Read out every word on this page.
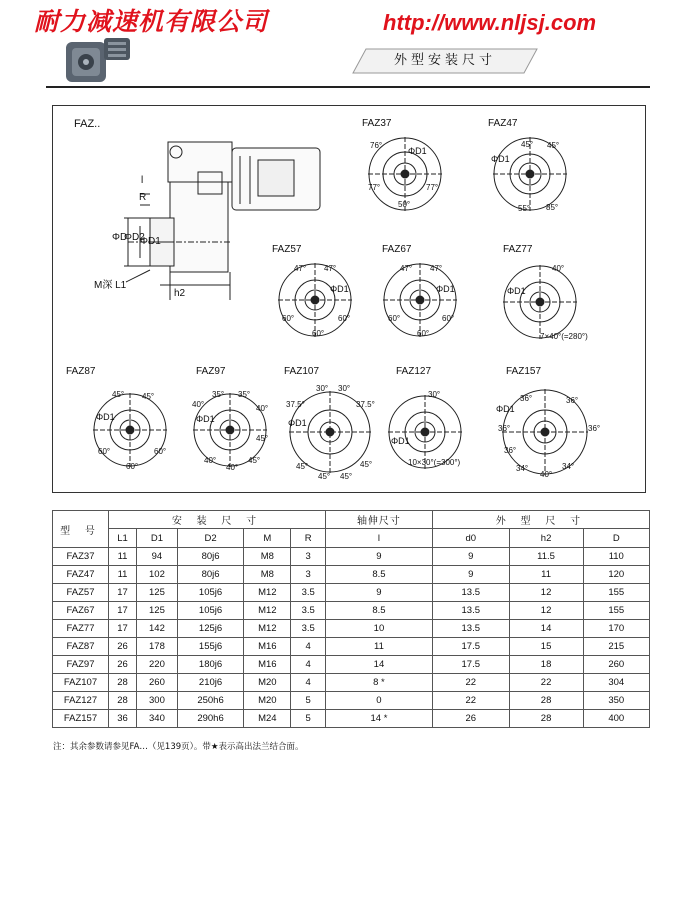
耐力减速机有限公司	http://www.nljsj.com
外型安装尺寸
FAZ..
l
R
ΦD
ΦD2
ΦD1
M深 L1
h2
FAZ37
ΦD1
76°
77°	77°
50°
FAZ47
ΦD1
45° 45°
55° 85°
FAZ57
ΦD1
47° 47°
60°
60°
60°
FAZ67
ΦD1
47° 47°
60°
60°
60°
FAZ77
ΦD1
40°
7×40°(=280°)
FAZ87
ΦD1
45° 45°
60°
60°
60°
FAZ97
ΦD1
40°
35° 35°
40°
45°
40°
40°
45°
FAZ107
ΦD1
30° 30°
37.5°	37.5°
45°
45° 45°
45°
FAZ127
ΦD1
30°
10×30°(=300°)
FAZ157
ΦD1
36°	36°
36°	36°
36°
34°
40°
34°
型 号	安 装 尺 寸					轴伸尺寸	外 型 尺 寸		
	L1	D1	D2	M	R	l	d0	h2	D
FAZ37	11	94	80j6	M8	3	9	9	11.5	110
FAZ47	11	102	80j6	M8	3	8.5	9	11	120
FAZ57	17	125	105j6	M12	3.5	9	13.5	12	155
FAZ67	17	125	105j6	M12	3.5	8.5	13.5	12	155
FAZ77	17	142	125j6	M12	3.5	10	13.5	14	170
FAZ87	26	178	155j6	M16	4	11	17.5	15	215
FAZ97	26	220	180j6	M16	4	14	17.5	18	260
FAZ107	28	260	210j6	M20	4	8 *	22	22	304
FAZ127	28	300	250h6	M20	5	0	22	28	350
FAZ157	36	340	290h6	M24	5	14 *	26	28	400
注：其余参数请参见FA…（见139页）。带★表示高出法兰结合面。
